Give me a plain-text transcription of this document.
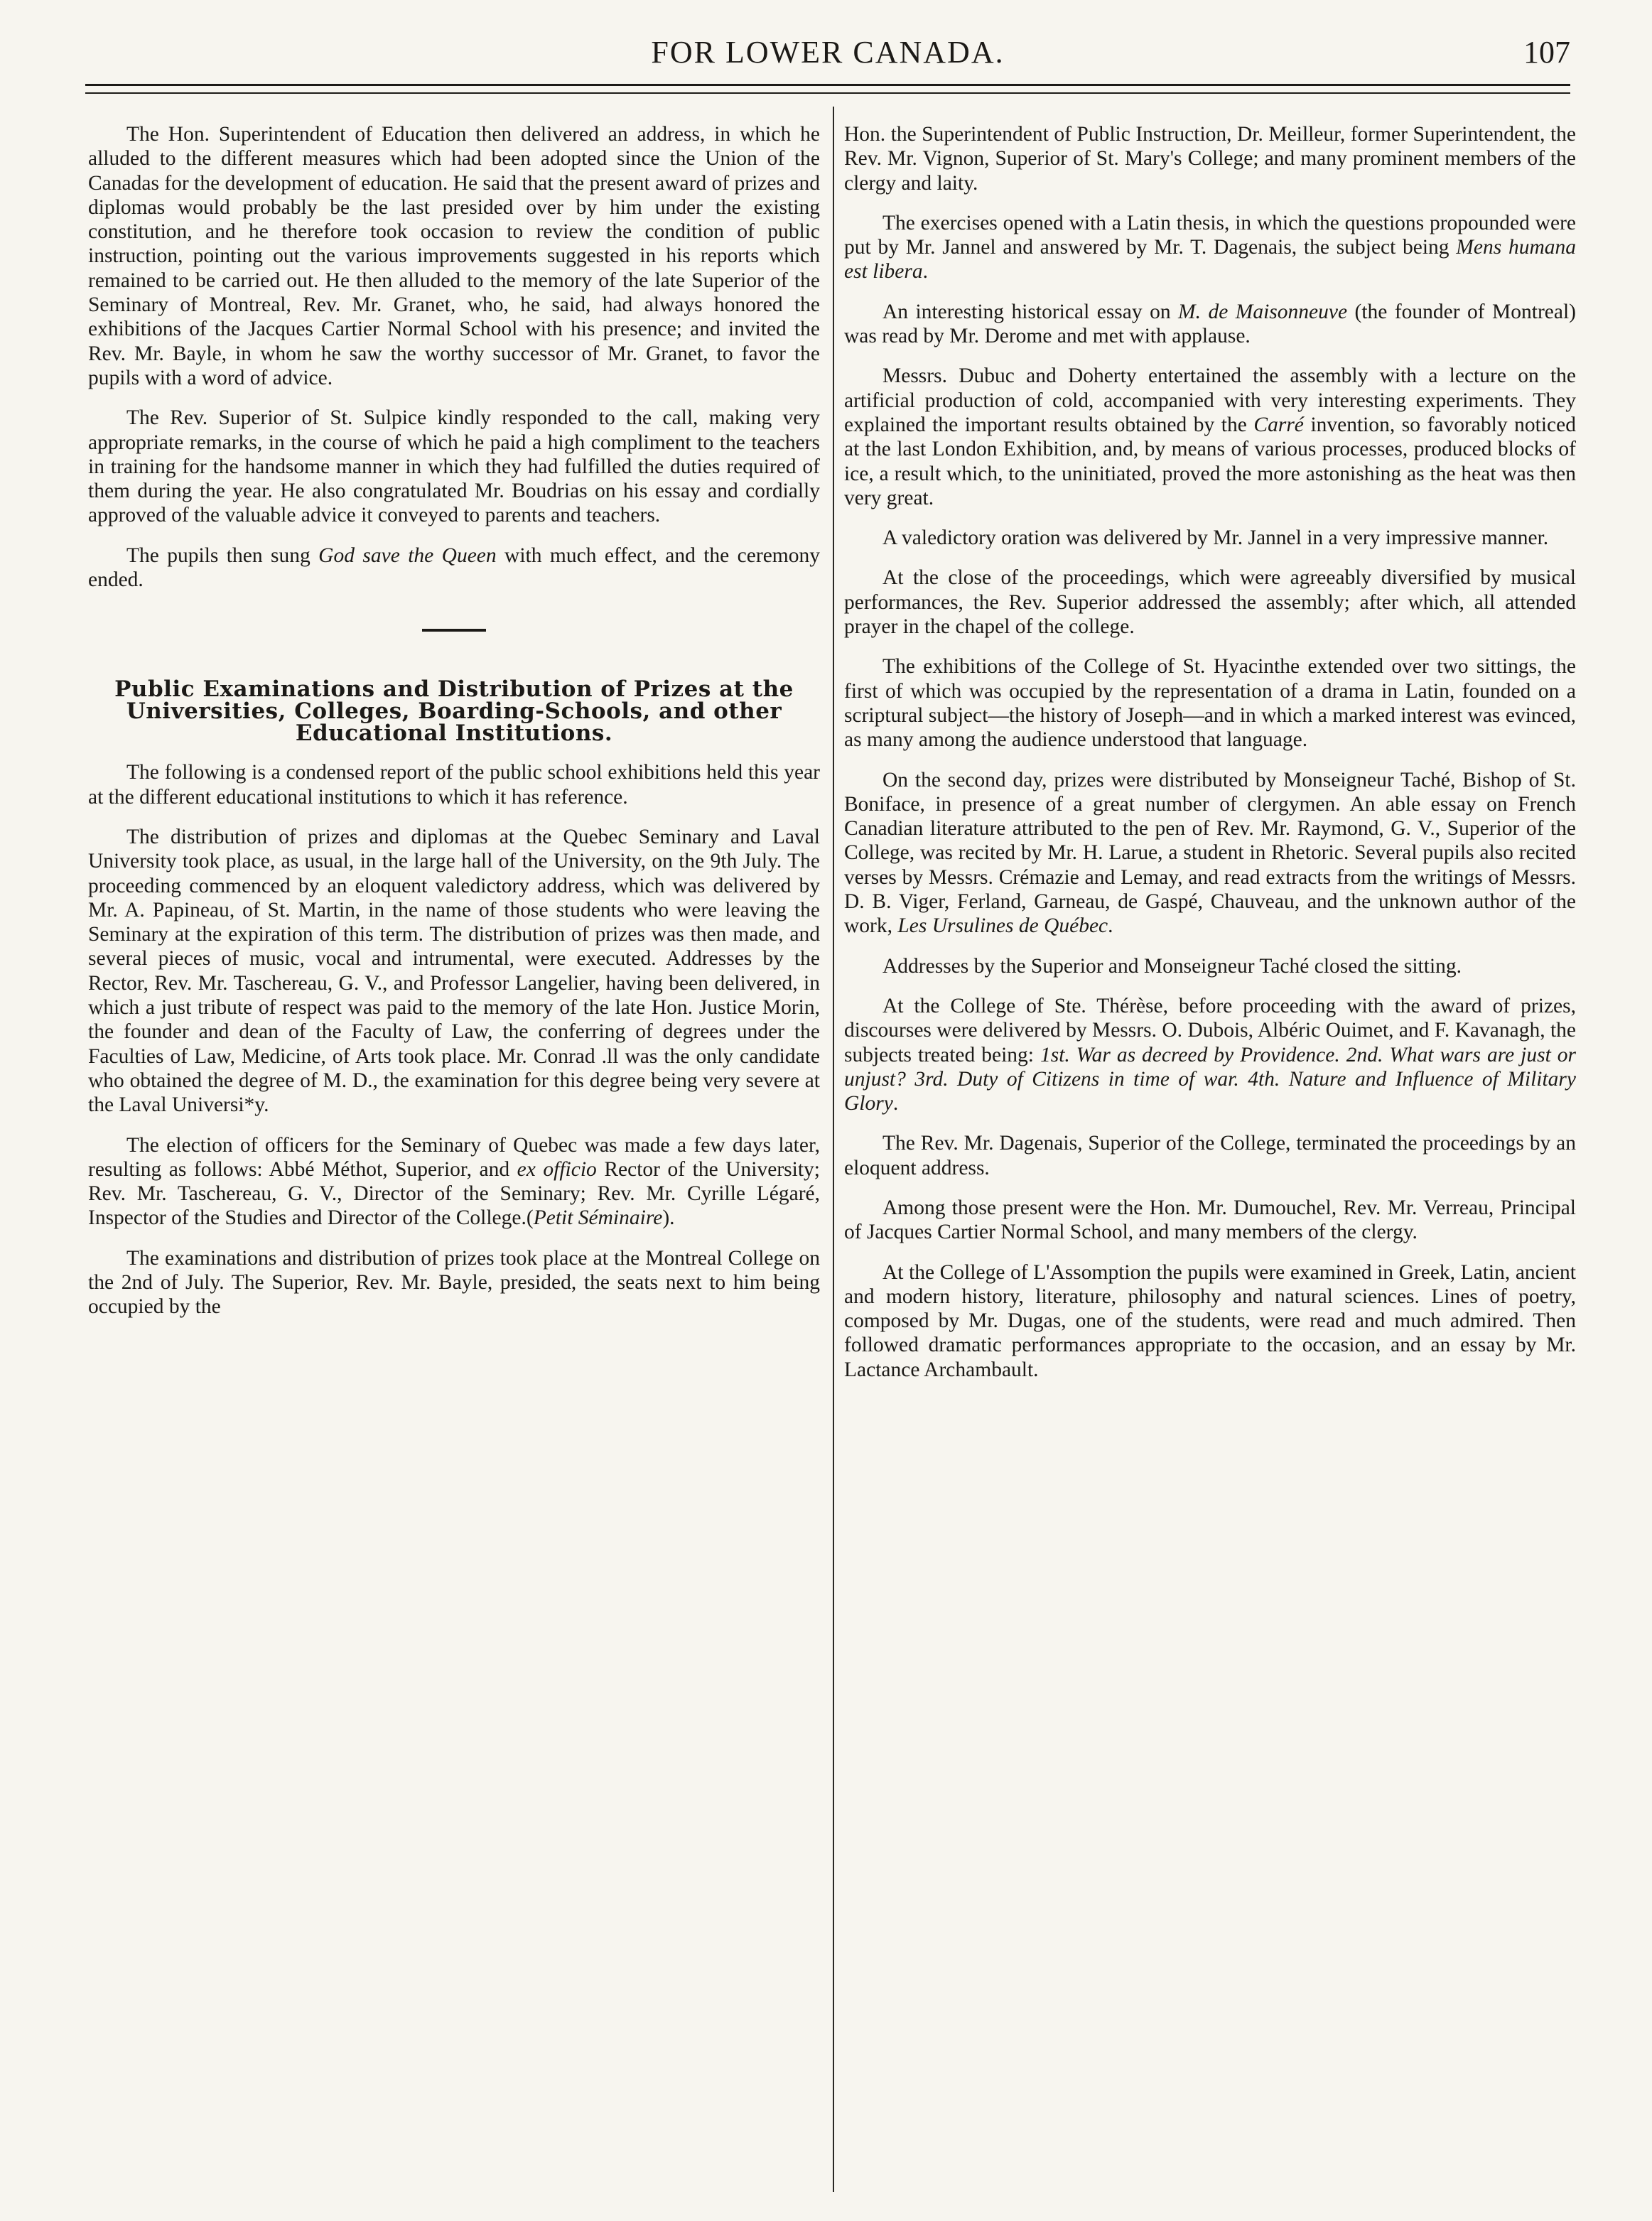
FOR LOWER CANADA.	107

The Hon. Superintendent of Education then delivered an address, in which he alluded to the different measures which had been adopted since the Union of the Canadas for the development of education. He said that the present award of prizes and diplomas would probably be the last presided over by him under the existing constitution, and he therefore took occasion to review the condition of public instruction, pointing out the various improvements suggested in his reports which remained to be carried out. He then alluded to the memory of the late Superior of the Seminary of Montreal, Rev. Mr. Granet, who, he said, had always honored the exhibitions of the Jacques Cartier Normal School with his presence; and invited the Rev. Mr. Bayle, in whom he saw the worthy successor of Mr. Granet, to favor the pupils with a word of advice.

The Rev. Superior of St. Sulpice kindly responded to the call, making very appropriate remarks, in the course of which he paid a high compliment to the teachers in training for the handsome manner in which they had fulfilled the duties required of them during the year. He also congratulated Mr. Boudrias on his essay and cordially approved of the valuable advice it conveyed to parents and teachers.

The pupils then sung God save the Queen with much effect, and the ceremony ended.

Public Examinations and Distribution of Prizes at the Universities, Colleges, Boarding-Schools, and other Educational Institutions.

The following is a condensed report of the public school exhibitions held this year at the different educational institutions to which it has reference.

The distribution of prizes and diplomas at the Quebec Seminary and Laval University took place, as usual, in the large hall of the University, on the 9th July. The proceeding commenced by an eloquent valedictory address, which was delivered by Mr. A. Papineau, of St. Martin, in the name of those students who were leaving the Seminary at the expiration of this term. The distribution of prizes was then made, and several pieces of music, vocal and intrumental, were executed. Addresses by the Rector, Rev. Mr. Taschereau, G. V., and Professor Langelier, having been delivered, in which a just tribute of respect was paid to the memory of the late Hon. Justice Morin, the founder and dean of the Faculty of Law, the conferring of degrees under the Faculties of Law, Medicine, of Arts took place. Mr. Conrad .ll was the only candidate who obtained the degree of M. D., the examination for this degree being very severe at the Laval Universi*y.

The election of officers for the Seminary of Quebec was made a few days later, resulting as follows: Abbé Méthot, Superior, and ex officio Rector of the University; Rev. Mr. Taschereau, G. V., Director of the Seminary; Rev. Mr. Cyrille Légaré, Inspector of the Studies and Director of the College.(Petit Séminaire).

The examinations and distribution of prizes took place at the Montreal College on the 2nd of July. The Superior, Rev. Mr. Bayle, presided, the seats next to him being occupied by the

Hon. the Superintendent of Public Instruction, Dr. Meilleur, former Superintendent, the Rev. Mr. Vignon, Superior of St. Mary's College; and many prominent members of the clergy and laity.

The exercises opened with a Latin thesis, in which the questions propounded were put by Mr. Jannel and answered by Mr. T. Dagenais, the subject being Mens humana est libera.

An interesting historical essay on M. de Maisonneuve (the founder of Montreal) was read by Mr. Derome and met with applause.

Messrs. Dubuc and Doherty entertained the assembly with a lecture on the artificial production of cold, accompanied with very interesting experiments. They explained the important results obtained by the Carré invention, so favorably noticed at the last London Exhibition, and, by means of various processes, produced blocks of ice, a result which, to the uninitiated, proved the more astonishing as the heat was then very great.

A valedictory oration was delivered by Mr. Jannel in a very impressive manner.

At the close of the proceedings, which were agreeably diversified by musical performances, the Rev. Superior addressed the assembly; after which, all attended prayer in the chapel of the college.

The exhibitions of the College of St. Hyacinthe extended over two sittings, the first of which was occupied by the representation of a drama in Latin, founded on a scriptural subject—the history of Joseph—and in which a marked interest was evinced, as many among the audience understood that language.

On the second day, prizes were distributed by Monseigneur Taché, Bishop of St. Boniface, in presence of a great number of clergymen. An able essay on French Canadian literature attributed to the pen of Rev. Mr. Raymond, G. V., Superior of the College, was recited by Mr. H. Larue, a student in Rhetoric. Several pupils also recited verses by Messrs. Crémazie and Lemay, and read extracts from the writings of Messrs. D. B. Viger, Ferland, Garneau, de Gaspé, Chauveau, and the unknown author of the work, Les Ursulines de Québec.

Addresses by the Superior and Monseigneur Taché closed the sitting.

At the College of Ste. Thérèse, before proceeding with the award of prizes, discourses were delivered by Messrs. O. Dubois, Albéric Ouimet, and F. Kavanagh, the subjects treated being: 1st. War as decreed by Providence. 2nd. What wars are just or unjust? 3rd. Duty of Citizens in time of war. 4th. Nature and Influence of Military Glory.

The Rev. Mr. Dagenais, Superior of the College, terminated the proceedings by an eloquent address.

Among those present were the Hon. Mr. Dumouchel, Rev. Mr. Verreau, Principal of Jacques Cartier Normal School, and many members of the clergy.

At the College of L'Assomption the pupils were examined in Greek, Latin, ancient and modern history, literature, philosophy and natural sciences. Lines of poetry, composed by Mr. Dugas, one of the students, were read and much admired. Then followed dramatic performances appropriate to the occasion, and an essay by Mr. Lactance Archambault.
